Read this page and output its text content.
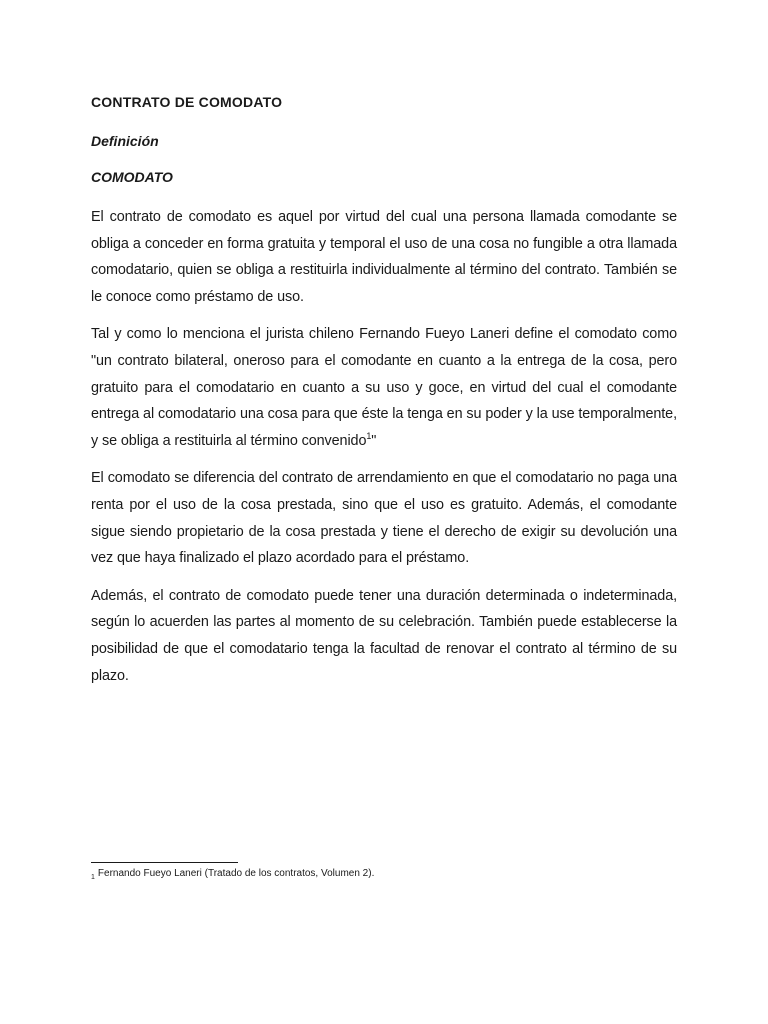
CONTRATO DE COMODATO
Definición
COMODATO

El contrato de comodato es aquel por virtud del cual una persona llamada comodante se obliga a conceder en forma gratuita y temporal el uso de una cosa no fungible a otra llamada comodatario, quien se obliga a restituirla individualmente al término del contrato. También se le conoce como préstamo de uso.

Tal y como lo menciona el jurista chileno Fernando Fueyo Laneri define el comodato como "un contrato bilateral, oneroso para el comodante en cuanto a la entrega de la cosa, pero gratuito para el comodatario en cuanto a su uso y goce, en virtud del cual el comodante entrega al comodatario una cosa para que éste la tenga en su poder y la use temporalmente, y se obliga a restituirla al término convenido$^1$"

El comodato se diferencia del contrato de arrendamiento en que el comodatario no paga una renta por el uso de la cosa prestada, sino que el uso es gratuito. Además, el comodante sigue siendo propietario de la cosa prestada y tiene el derecho de exigir su devolución una vez que haya finalizado el plazo acordado para el préstamo.

Además, el contrato de comodato puede tener una duración determinada o indeterminada, según lo acuerden las partes al momento de su celebración. También puede establecerse la posibilidad de que el comodatario tenga la facultad de renovar el contrato al término de su plazo.

$_1$ Fernando Fueyo Laneri (Tratado de los contratos, Volumen 2).
